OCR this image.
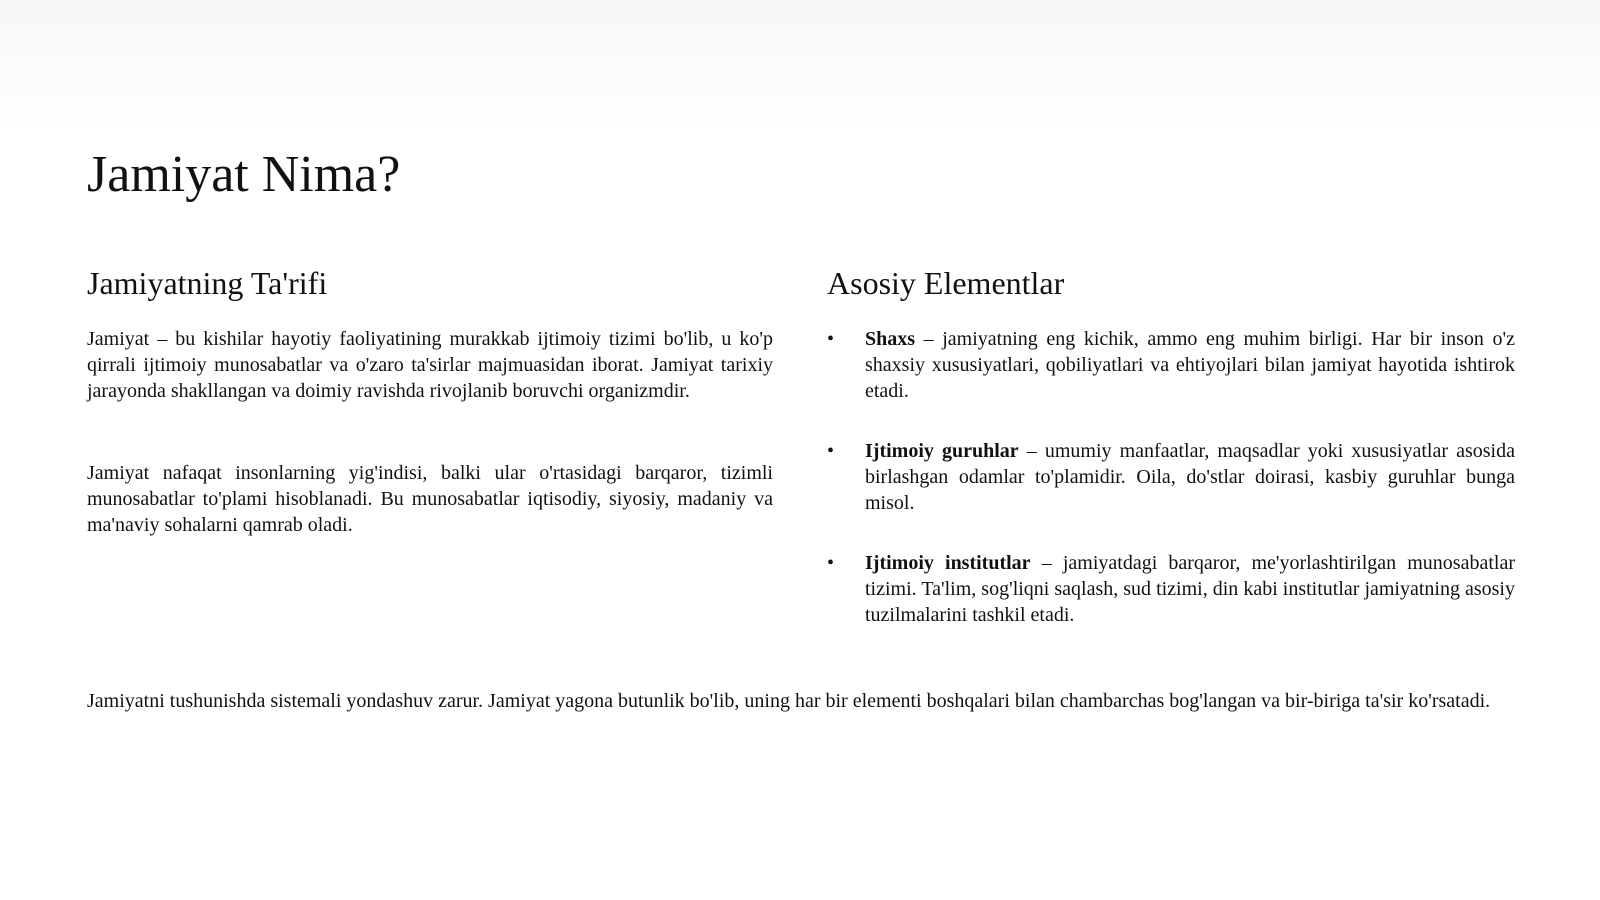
Jamiyat Nima?
Jamiyatning Ta'rifi

Jamiyat – bu kishilar hayotiy faoliyatining murakkab ijtimoiy tizimi bo'lib, u ko'p qirrali ijtimoiy munosabatlar va o'zaro ta'sirlar majmuasidan iborat. Jamiyat tarixiy jarayonda shakllangan va doimiy ravishda rivojlanib boruvchi organizmdir.

Jamiyat nafaqat insonlarning yig'indisi, balki ular o'rtasidagi barqaror, tizimli munosabatlar to'plami hisoblanadi. Bu munosabatlar iqtisodiy, siyosiy, madaniy va ma'naviy sohalarni qamrab oladi.

Asosiy Elementlar
• Shaxs – jamiyatning eng kichik, ammo eng muhim birligi. Har bir inson o'z shaxsiy xususiyatlari, qobiliyatlari va ehtiyojlari bilan jamiyat hayotida ishtirok etadi.
• Ijtimoiy guruhlar – umumiy manfaatlar, maqsadlar yoki xususiyatlar asosida birlashgan odamlar to'plamidir. Oila, do'stlar doirasi, kasbiy guruhlar bunga misol.
• Ijtimoiy institutlar – jamiyatdagi barqaror, me'yorlashtirilgan munosabatlar tizimi. Ta'lim, sog'liqni saqlash, sud tizimi, din kabi institutlar jamiyatning asosiy tuzilmalarini tashkil etadi.

Jamiyatni tushunishda sistemali yondashuv zarur. Jamiyat yagona butunlik bo'lib, uning har bir elementi boshqalari bilan chambarchas bog'langan va bir-biriga ta'sir ko'rsatadi.
